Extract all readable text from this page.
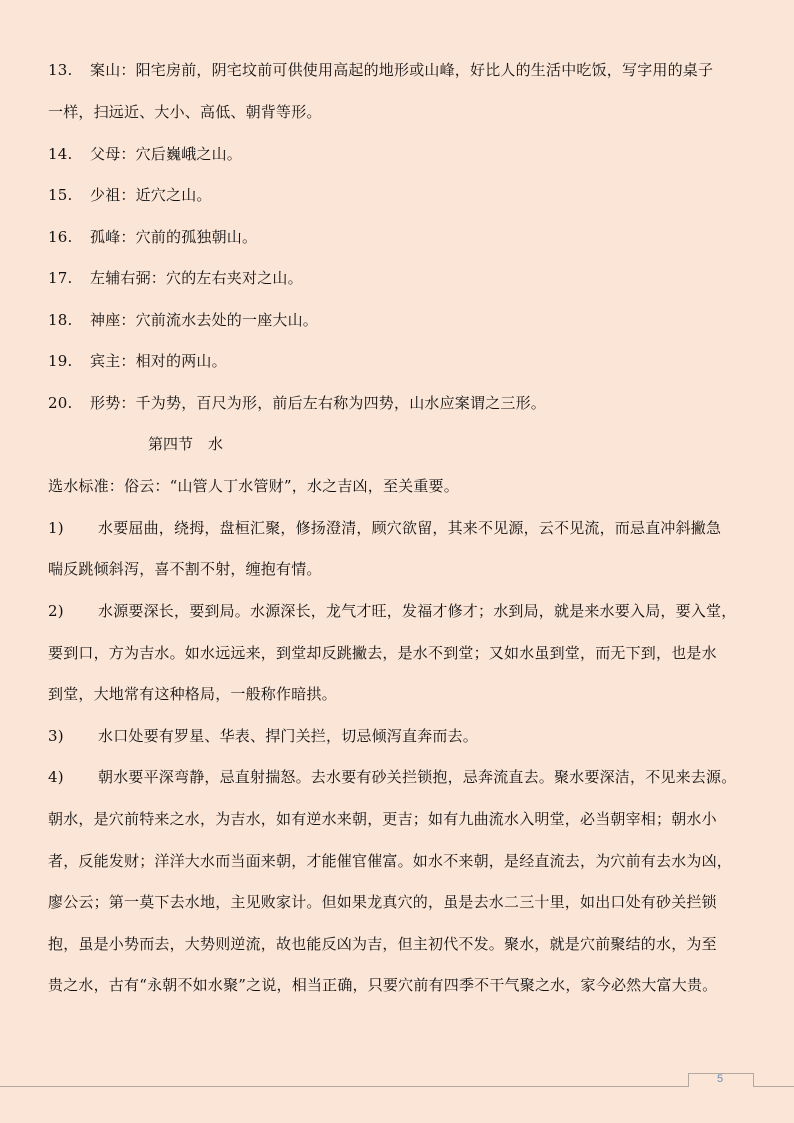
13. 案山：阳宅房前，阴宅坟前可供使用高起的地形或山峰，好比人的生活中吃饭，写字用的桌子
一样，扫远近、大小、高低、朝背等形。
14. 父母：穴后巍峨之山。
15. 少祖：近穴之山。
16. 孤峰：穴前的孤独朝山。
17. 左辅右弼：穴的左右夹对之山。
18. 神座：穴前流水去处的一座大山。
19. 宾主：相对的两山。
20. 形势：千为势，百尺为形，前后左右称为四势，山水应案谓之三形。
第四节　水
选水标准：俗云：“山管人丁水管财”，水之吉凶，至关重要。
1) 水要屈曲，绕拇，盘桓汇聚，修扬澄清，顾穴欲留，其来不见源，云不见流，而忌直冲斜撇急
喘反跳倾斜泻，喜不割不射，缠抱有情。
2) 水源要深长，要到局。水源深长，龙气才旺，发福才修才；水到局，就是来水要入局，要入堂，
要到口，方为吉水。如水远远来，到堂却反跳撇去，是水不到堂；又如水虽到堂，而无下到，也是水
到堂，大地常有这种格局，一般称作暗拱。
3) 水口处要有罗星、华表、捍门关拦，切忌倾泻直奔而去。
4) 朝水要平深弯静，忌直射揣怒。去水要有砂关拦锁抱，忌奔流直去。聚水要深洁，不见来去源。
朝水，是穴前特来之水，为吉水，如有逆水来朝，更吉；如有九曲流水入明堂，必当朝宰相；朝水小
者，反能发财；洋洋大水而当面来朝，才能催官催富。如水不来朝，是经直流去，为穴前有去水为凶，
廖公云；第一莫下去水地，主见败家计。但如果龙真穴的，虽是去水二三十里，如出口处有砂关拦锁
抱，虽是小势而去，大势则逆流，故也能反凶为吉，但主初代不发。聚水，就是穴前聚结的水，为至
贵之水，古有“永朝不如水聚”之说，相当正确，只要穴前有四季不干气聚之水，家今必然大富大贵。
5
